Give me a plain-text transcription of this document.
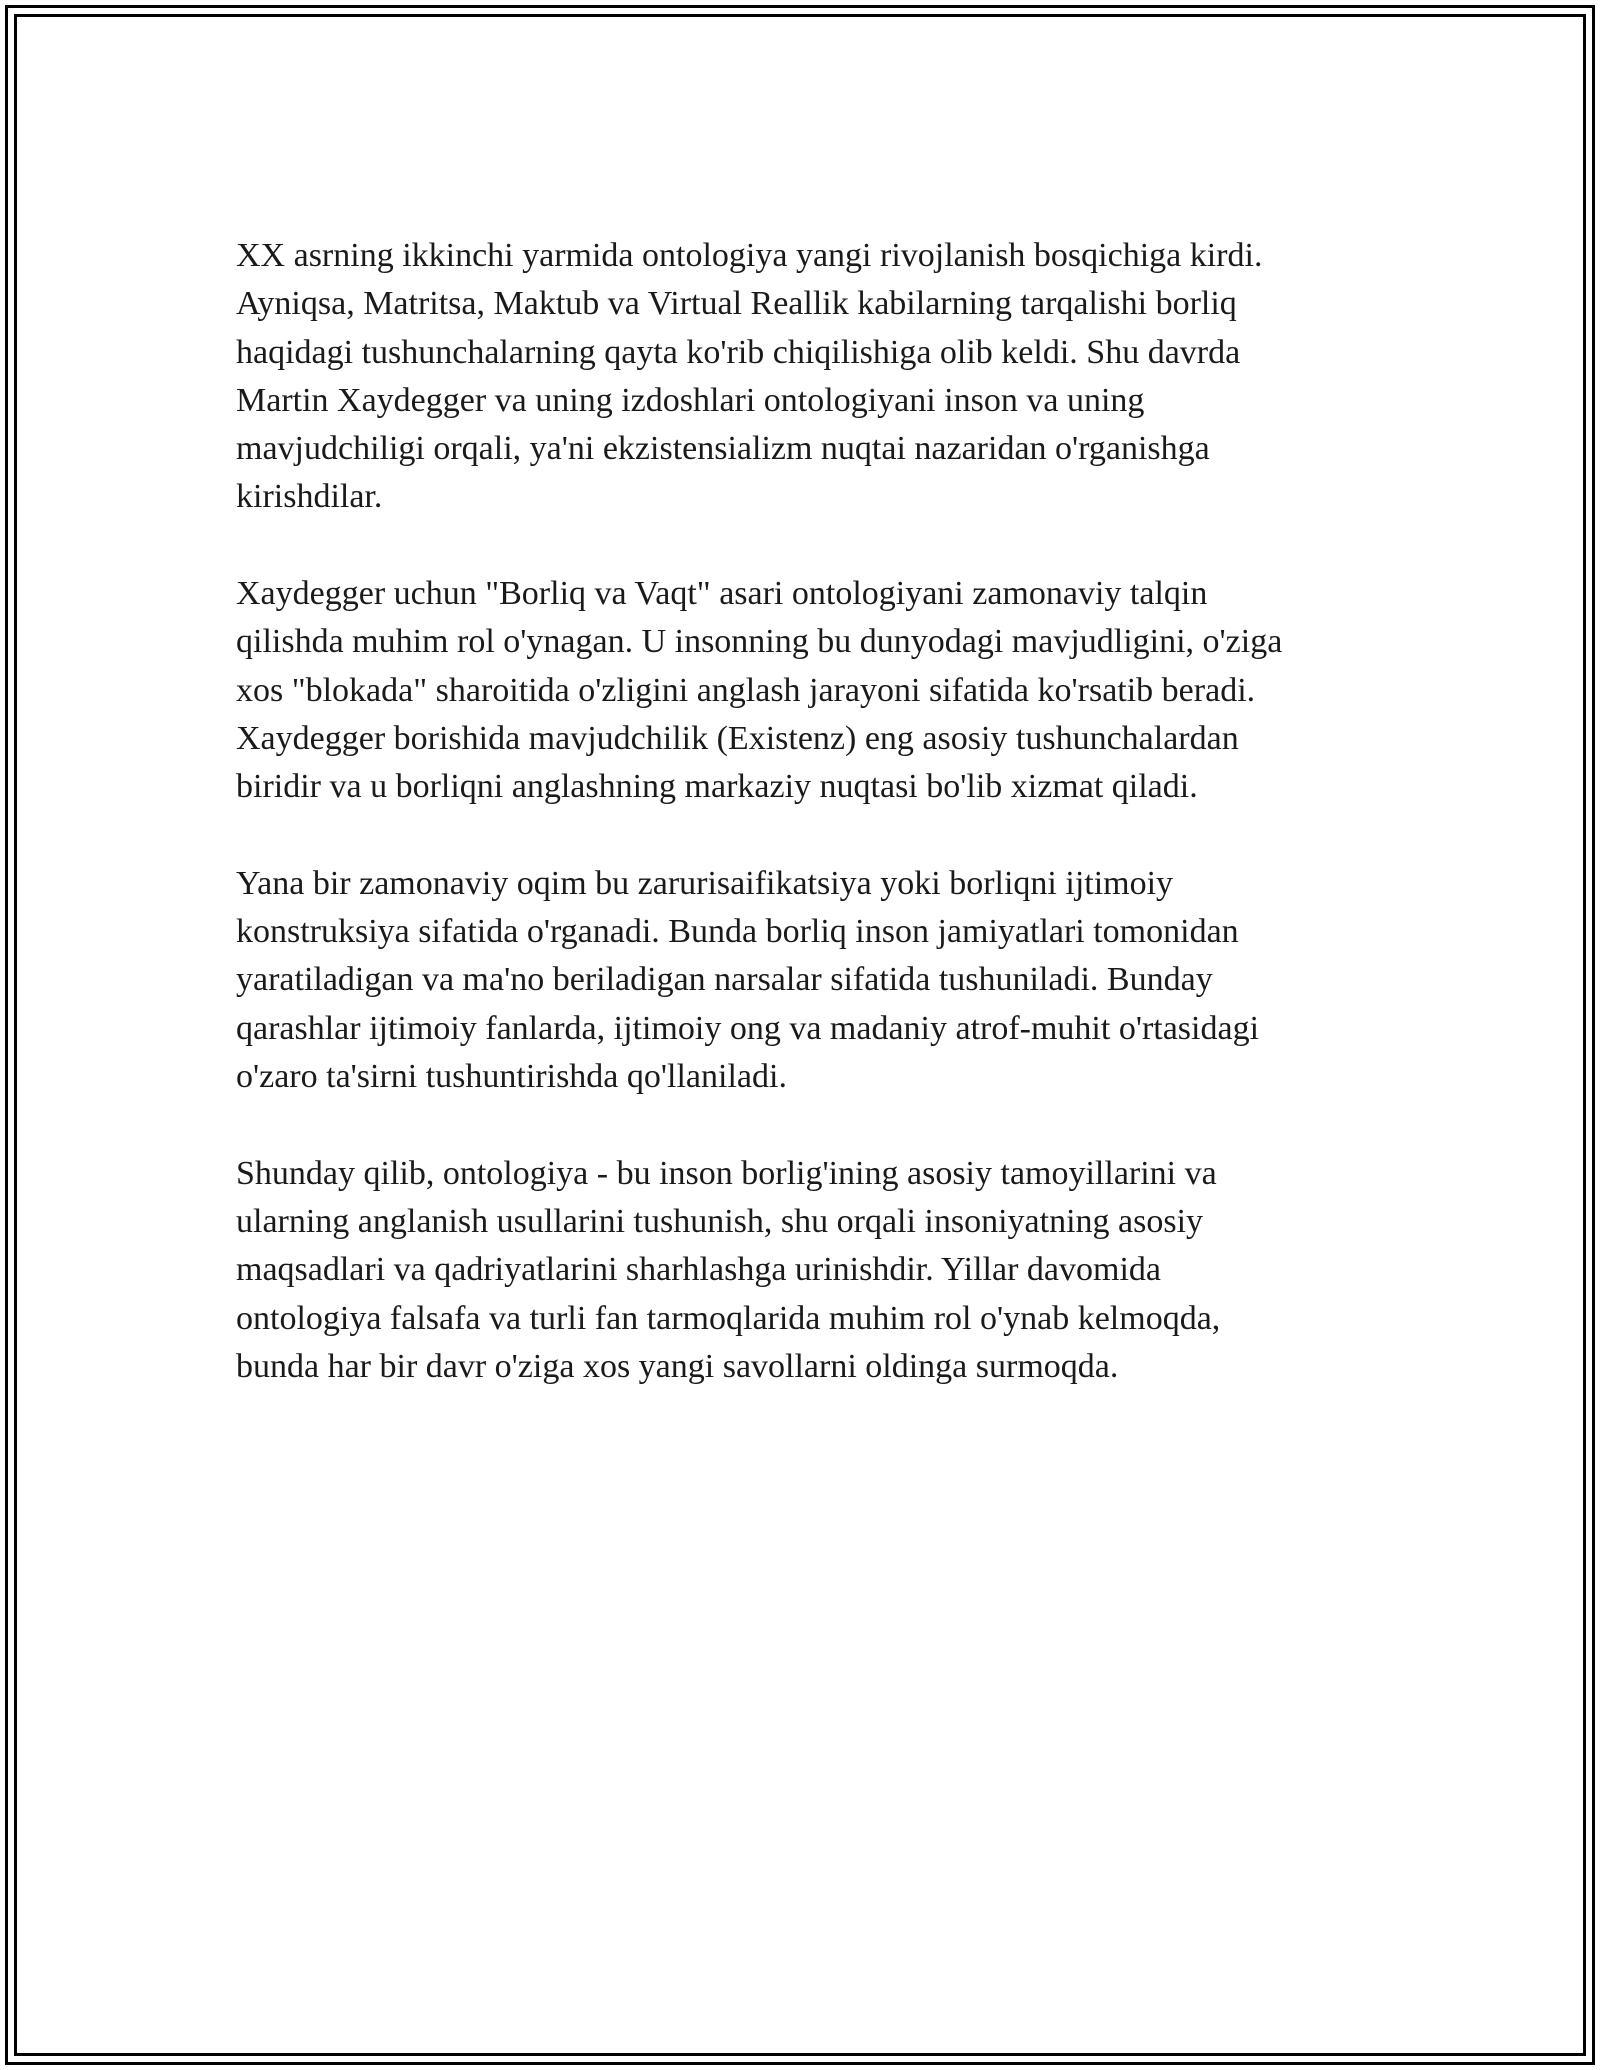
XX asrning ikkinchi yarmida ontologiya yangi rivojlanish bosqichiga kirdi.
Ayniqsa, Matritsa, Maktub va Virtual Reallik kabilarning tarqalishi borliq
haqidagi tushunchalarning qayta ko'rib chiqilishiga olib keldi. Shu davrda
Martin Xaydegger va uning izdoshlari ontologiyani inson va uning
mavjudchiligi orqali, ya'ni ekzistensializm nuqtai nazaridan o'rganishga
kirishdilar.

Xaydegger uchun "Borliq va Vaqt" asari ontologiyani zamonaviy talqin
qilishda muhim rol o'ynagan. U insonning bu dunyodagi mavjudligini, o'ziga
xos "blokada" sharoitida o'zligini anglash jarayoni sifatida ko'rsatib beradi.
Xaydegger borishida mavjudchilik (Existenz) eng asosiy tushunchalardan
biridir va u borliqni anglashning markaziy nuqtasi bo'lib xizmat qiladi.

Yana bir zamonaviy oqim bu zarurisaifikatsiya yoki borliqni ijtimoiy
konstruksiya sifatida o'rganadi. Bunda borliq inson jamiyatlari tomonidan
yaratiladigan va ma'no beriladigan narsalar sifatida tushuniladi. Bunday
qarashlar ijtimoiy fanlarda, ijtimoiy ong va madaniy atrof-muhit o'rtasidagi
o'zaro ta'sirni tushuntirishda qo'llaniladi.

Shunday qilib, ontologiya - bu inson borlig'ining asosiy tamoyillarini va
ularning anglanish usullarini tushunish, shu orqali insoniyatning asosiy
maqsadlari va qadriyatlarini sharhlashga urinishdir. Yillar davomida
ontologiya falsafa va turli fan tarmoqlarida muhim rol o'ynab kelmoqda,
bunda har bir davr o'ziga xos yangi savollarni oldinga surmoqda.
